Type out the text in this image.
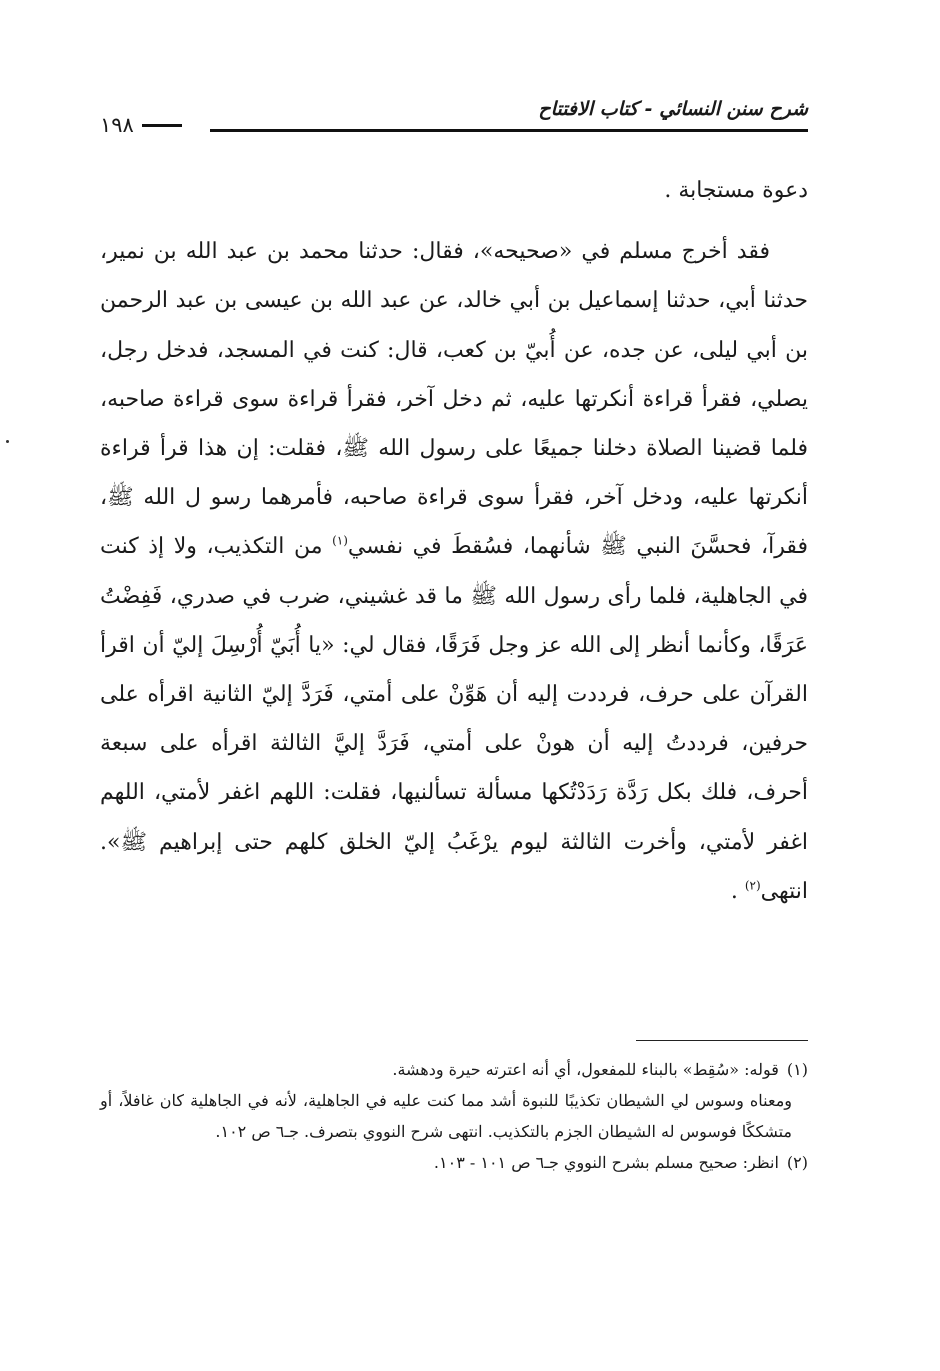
شرح سنن النسائي - كتاب الافتتاح
١٩٨

دعوة مستجابة .

فقد أخرج مسلم في «صحيحه»، فقال: حدثنا محمد بن عبد الله بن نمير، حدثنا أبي، حدثنا إسماعيل بن أبي خالد، عن عبد الله بن عيسى بن عبد الرحمن بن أبي ليلى، عن جده، عن أُبيّ بن كعب، قال: كنت في المسجد، فدخل رجل، يصلي، فقرأ قراءة أنكرتها عليه، ثم دخل آخر، فقرأ قراءة سوى قراءة صاحبه، فلما قضينا الصلاة دخلنا جميعًا على رسول الله ﷺ، فقلت: إن هذا قرأ قراءة أنكرتها عليه، ودخل آخر، فقرأ سوى قراءة صاحبه، فأمرهما رسو ل الله ﷺ، فقرآ، فحسَّنَ النبي ﷺ شأنهما، فسُقطَ في نفسي$^{(١)}$ من التكذيب، ولا إذ كنت في الجاهلية، فلما رأى رسول الله ﷺ ما قد غشيني، ضرب في صدري، فَفِضْتُ عَرَقًا، وكأنما أنظر إلى الله عز وجل فَرَقًا، فقال لي: «يا أُبَيّ أُرْسِلَ إليّ أن اقرأ القرآن على حرف، فرددت إليه أن هَوِّنْ على أمتي، فَرَدَّ إليّ الثانية اقرأه على حرفين، فرددتُ إليه أن هونْ على أمتي، فَرَدَّ إليَّ الثالثة اقرأه على سبعة أحرف، فلك بكل رَدَّة رَدَدْتُكها مسألة تسألنيها، فقلت: اللهم اغفر لأمتي، اللهم اغفر لأمتي، وأخرت الثالثة ليوم يرْغَبُ إليّ الخلق كلهم حتى إبراهيم ﷺ». انتهى$^{(٢)}$ .

(١)قوله: «سُقِط» بالبناء للمفعول، أي أنه اعترته حيرة ودهشة.

ومعناه وسوس لي الشيطان تكذيبًا للنبوة أشد مما كنت عليه في الجاهلية، لأنه في الجاهلية كان غافلاً، أو متشككًا فوسوس له الشيطان الجزم بالتكذيب. انتهى شرح النووي بتصرف. جـ٦ ص ١٠٢.

(٢)انظر: صحيح مسلم بشرح النووي جـ٦ ص ١٠١ - ١٠٣.
